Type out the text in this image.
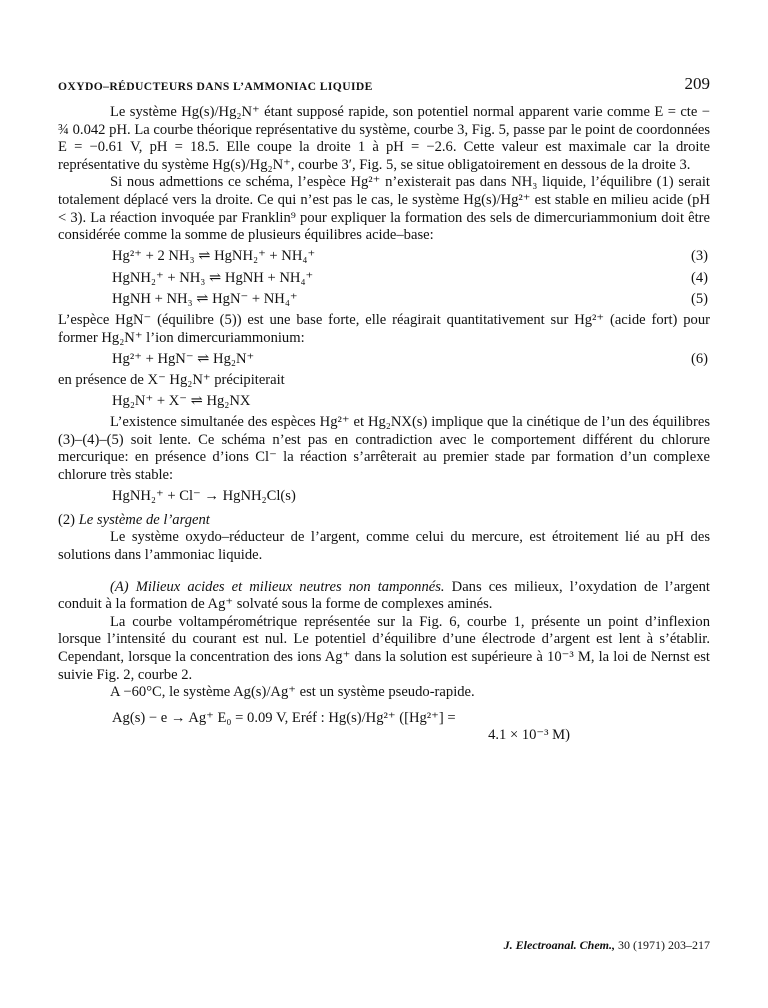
OXYDO–RÉDUCTEURS DANS L’AMMONIAC LIQUIDE	209

Le système Hg(s)/Hg₂N⁺ étant supposé rapide, son potentiel normal apparent varie comme E = cte − ¾ 0.042 pH. La courbe théorique représentative du système, courbe 3, Fig. 5, passe par le point de coordonnées E = −0.61 V, pH = 18.5. Elle coupe la droite 1 à pH = −2.6. Cette valeur est maximale car la droite représentative du système Hg(s)/Hg₂N⁺, courbe 3′, Fig. 5, se situe obligatoirement en dessous de la droite 3.

Si nous admettions ce schéma, l’espèce Hg²⁺ n’existerait pas dans NH₃ liquide, l’équilibre (1) serait totalement déplacé vers la droite. Ce qui n’est pas le cas, le système Hg(s)/Hg²⁺ est stable en milieu acide (pH < 3). La réaction invoquée par Franklin⁹ pour expliquer la formation des sels de dimercuriammonium doit être considérée comme la somme de plusieurs équilibres acide–base:

Hg²⁺ + 2 NH₃ ⇌ HgNH₂⁺ + NH₄⁺	(3)
HgNH₂⁺ + NH₃ ⇌ HgNH + NH₄⁺	(4)
HgNH + NH₃ ⇌ HgN⁻ + NH₄⁺	(5)

L’espèce HgN⁻ (équilibre (5)) est une base forte, elle réagirait quantitativement sur Hg²⁺ (acide fort) pour former Hg₂N⁺ l’ion dimercuriammonium:

Hg²⁺ + HgN⁻ ⇌ Hg₂N⁺	(6)

en présence de X⁻ Hg₂N⁺ précipiterait

Hg₂N⁺ + X⁻ ⇌ Hg₂NX

L’existence simultanée des espèces Hg²⁺ et Hg₂NX(s) implique que la cinétique de l’un des équilibres (3)–(4)–(5) soit lente. Ce schéma n’est pas en contradiction avec le comportement différent du chlorure mercurique: en présence d’ions Cl⁻ la réaction s’arrêterait au premier stade par formation d’un complexe chlorure très stable:

HgNH₂⁺ + Cl⁻ → HgNH₂Cl(s)
(2) Le système de l’argent

Le système oxydo–réducteur de l’argent, comme celui du mercure, est étroitement lié au pH des solutions dans l’ammoniac liquide.

(A) Milieux acides et milieux neutres non tamponnés. Dans ces milieux, l’oxydation de l’argent conduit à la formation de Ag⁺ solvaté sous la forme de complexes aminés.

La courbe voltampérométrique représentée sur la Fig. 6, courbe 1, présente un point d’inflexion lorsque l’intensité du courant est nul. Le potentiel d’équilibre d’une électrode d’argent est lent à s’établir. Cependant, lorsque la concentration des ions Ag⁺ dans la solution est supérieure à 10⁻³ M, la loi de Nernst est suivie Fig. 2, courbe 2.

A −60°C, le système Ag(s)/Ag⁺ est un système pseudo-rapide.

Ag(s) − e → Ag⁺ E₀ = 0.09 V, Eréf : Hg(s)/Hg²⁺ ([Hg²⁺] =
4.1 × 10⁻³ M)
J. Electroanal. Chem., 30 (1971) 203–217
